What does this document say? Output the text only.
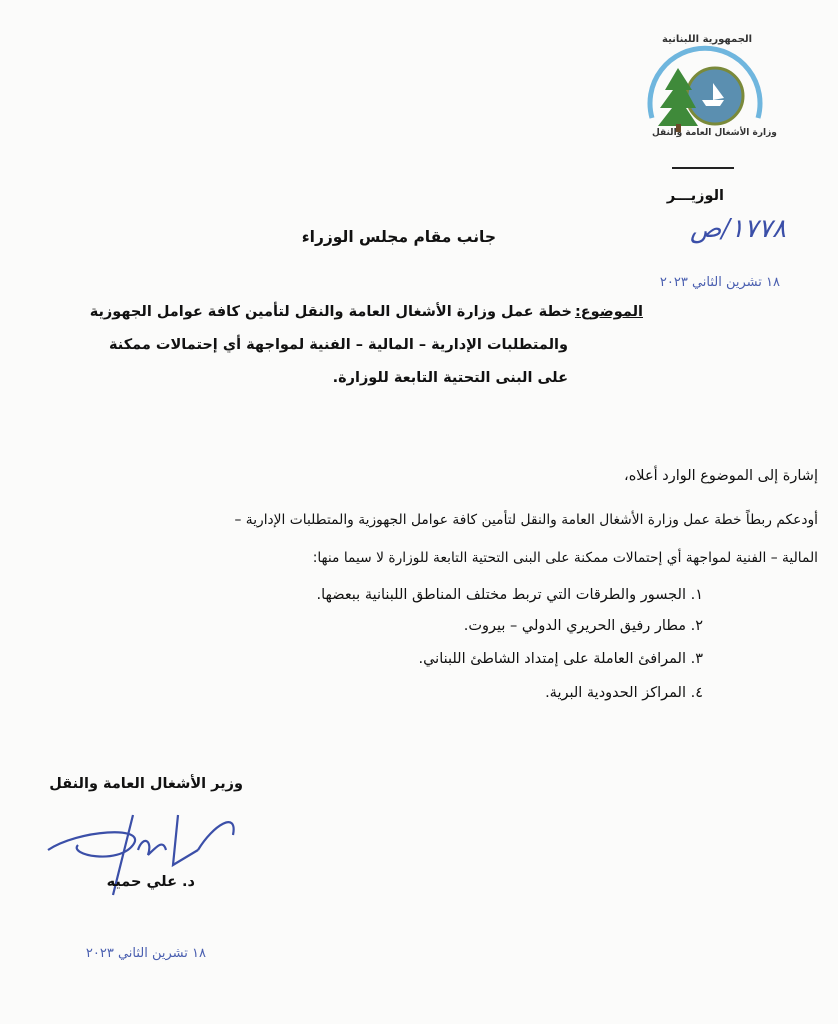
الجمهورية اللبنانية
وزارة الأشغال العامة والنقل
الوزيـــر
١٧٧٨/ص
١٨ تشرين الثاني ٢٠٢٣
جانب مقام مجلس الوزراء
الموضوع:
خطة عمل وزارة الأشغال العامة والنقل لتأمين كافة عوامل الجهوزية
والمتطلبات الإدارية – المالية – الفنية لمواجهة أي إحتمالات ممكنة
على البنى التحتية التابعة للوزارة.
إشارة إلى الموضوع الوارد أعلاه،
أودعكم ربطاً خطة عمل وزارة الأشغال العامة والنقل لتأمين كافة عوامل الجهوزية والمتطلبات الإدارية –
المالية – الفنية لمواجهة أي إحتمالات ممكنة على البنى التحتية التابعة للوزارة لا سيما منها:
١. الجسور والطرقات التي تربط مختلف المناطق اللبنانية ببعضها.
٢. مطار رفيق الحريري الدولي – بيروت.
٣. المرافئ العاملة على إمتداد الشاطئ اللبناني.
٤. المراكز الحدودية البرية.
وزير الأشغال العامة والنقل
د. علي حميه
١٨ تشرين الثاني ٢٠٢٣
